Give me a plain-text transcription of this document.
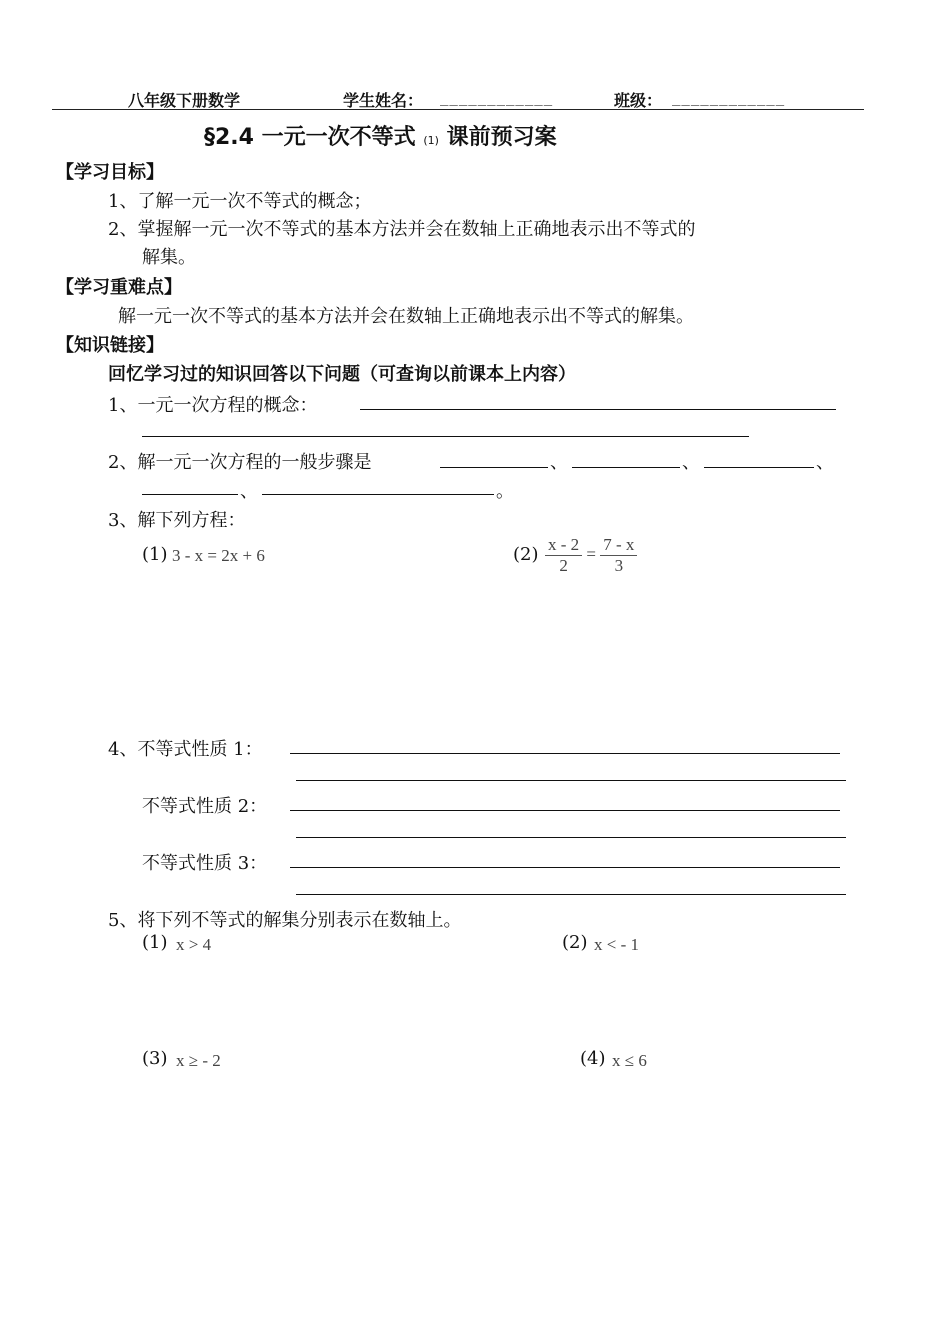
八年级下册数学	学生姓名： ____________	班级： ____________
§2.4 一元一次不等式 (1) 课前预习案
【学习目标】
1、了解一元一次不等式的概念；
2、掌握解一元一次不等式的基本方法并会在数轴上正确地表示出不等式的
解集。
【学习重难点】
解一元一次不等式的基本方法并会在数轴上正确地表示出不等式的解集。
【知识链接】
回忆学习过的知识回答以下问题（可查询以前课本上内容）
1、一元一次方程的概念：
2、解一元一次方程的一般步骤是	、	、	、
、	。
3、解下列方程：
(1) 3 - x = 2x + 6	$(2) \frac{x - 2}{2} = \frac{7 - x}{3}$
4、不等式性质 1：
不等式性质 2：
不等式性质 3：
5、将下列不等式的解集分别表示在数轴上。
(1) x > 4	(2) x < - 1
(3) x ≥ - 2	(4) x ≤ 6
